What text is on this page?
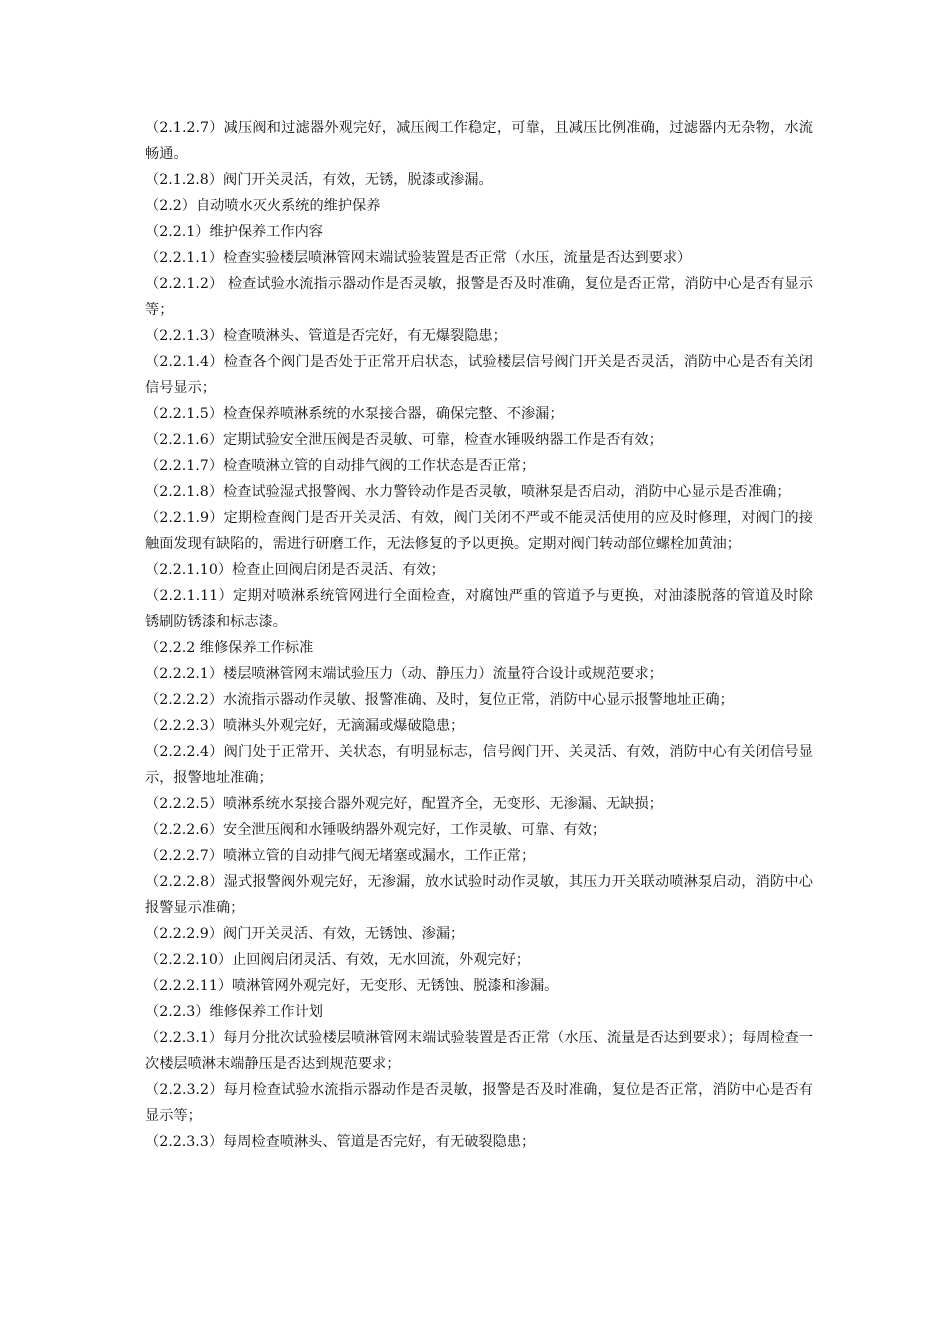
（2.1.2.7）减压阀和过滤器外观完好，减压阀工作稳定，可靠，且减压比例准确，过滤器内无杂物，水流畅通。

（2.1.2.8）阀门开关灵活，有效，无锈，脱漆或渗漏。

（2.2）自动喷水灭火系统的维护保养

（2.2.1）维护保养工作内容

（2.2.1.1）检查实验楼层喷淋管网末端试验装置是否正常（水压，流量是否达到要求）

（2.2.1.2） 检查试验水流指示器动作是否灵敏，报警是否及时准确，复位是否正常，消防中心是否有显示等；

（2.2.1.3）检查喷淋头、管道是否完好，有无爆裂隐患；

（2.2.1.4）检查各个阀门是否处于正常开启状态，试验楼层信号阀门开关是否灵活，消防中心是否有关闭信号显示；

（2.2.1.5）检查保养喷淋系统的水泵接合器，确保完整、不渗漏；

（2.2.1.6）定期试验安全泄压阀是否灵敏、可靠，检查水锤吸纳器工作是否有效；

（2.2.1.7）检查喷淋立管的自动排气阀的工作状态是否正常；

（2.2.1.8）检查试验湿式报警阀、水力警铃动作是否灵敏，喷淋泵是否启动，消防中心显示是否准确；

（2.2.1.9）定期检查阀门是否开关灵活、有效，阀门关闭不严或不能灵活使用的应及时修理，对阀门的接触面发现有缺陷的，需进行研磨工作，无法修复的予以更换。定期对阀门转动部位螺栓加黄油；

（2.2.1.10）检查止回阀启闭是否灵活、有效；

（2.2.1.11）定期对喷淋系统管网进行全面检查，对腐蚀严重的管道予与更换，对油漆脱落的管道及时除锈刷防锈漆和标志漆。

（2.2.2 维修保养工作标准

（2.2.2.1）楼层喷淋管网末端试验压力（动、静压力）流量符合设计或规范要求；

（2.2.2.2）水流指示器动作灵敏、报警准确、及时，复位正常，消防中心显示报警地址正确；

（2.2.2.3）喷淋头外观完好，无滴漏或爆破隐患；

（2.2.2.4）阀门处于正常开、关状态，有明显标志，信号阀门开、关灵活、有效，消防中心有关闭信号显示，报警地址准确；

（2.2.2.5）喷淋系统水泵接合器外观完好，配置齐全，无变形、无渗漏、无缺损；

（2.2.2.6）安全泄压阀和水锤吸纳器外观完好，工作灵敏、可靠、有效；

（2.2.2.7）喷淋立管的自动排气阀无堵塞或漏水，工作正常；

（2.2.2.8）湿式报警阀外观完好，无渗漏，放水试验时动作灵敏，其压力开关联动喷淋泵启动，消防中心报警显示准确；

（2.2.2.9）阀门开关灵活、有效，无锈蚀、渗漏；

（2.2.2.10）止回阀启闭灵活、有效，无水回流，外观完好；

（2.2.2.11）喷淋管网外观完好，无变形、无锈蚀、脱漆和渗漏。

（2.2.3）维修保养工作计划

（2.2.3.1）每月分批次试验楼层喷淋管网末端试验装置是否正常（水压、流量是否达到要求）；每周检查一次楼层喷淋末端静压是否达到规范要求；

（2.2.3.2）每月检查试验水流指示器动作是否灵敏，报警是否及时准确，复位是否正常，消防中心是否有显示等；

（2.2.3.3）每周检查喷淋头、管道是否完好，有无破裂隐患；
